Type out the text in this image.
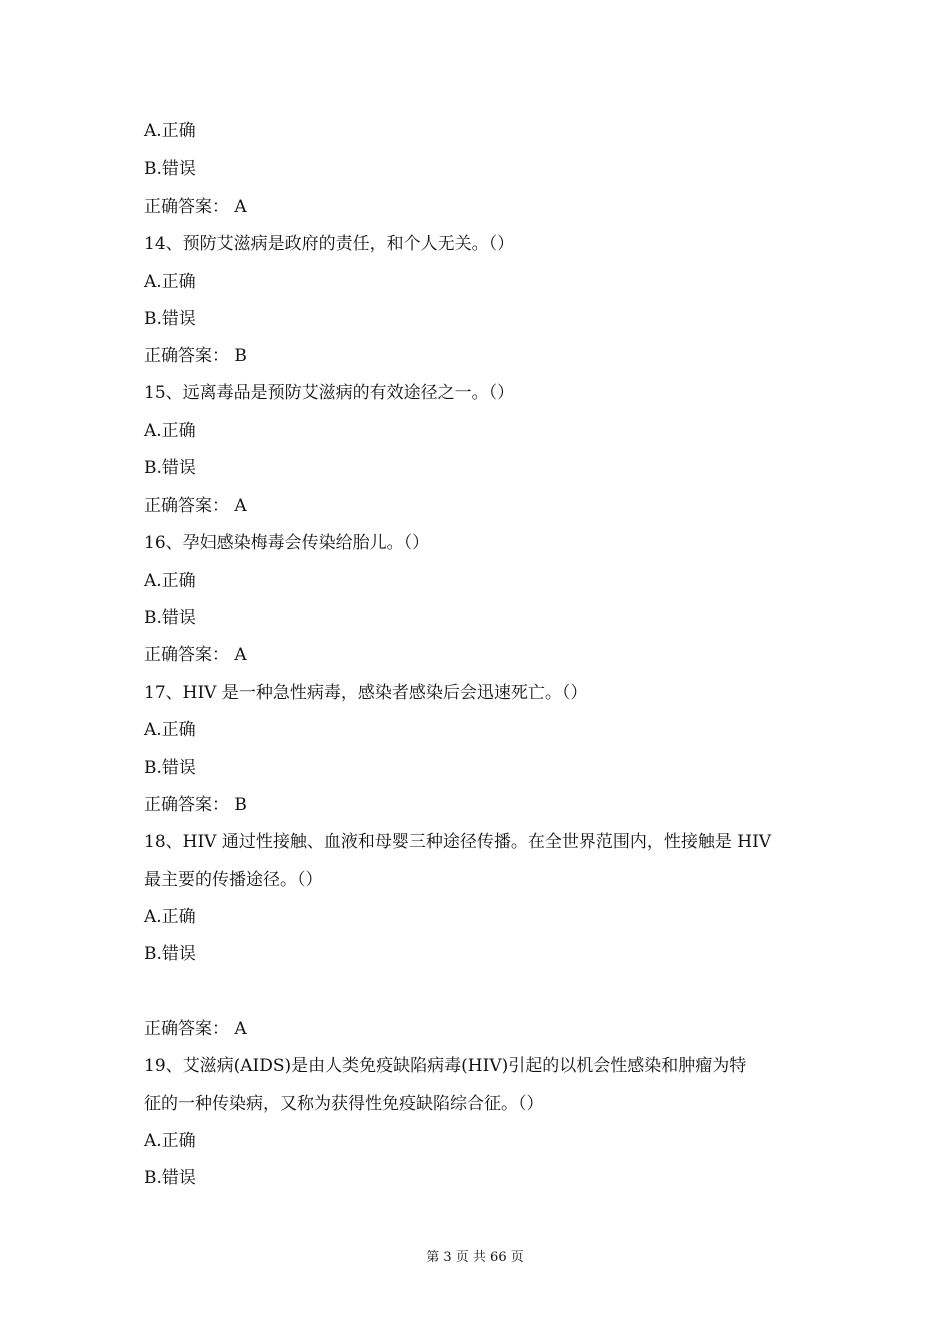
A.正确
B.错误
正确答案： A
14、预防艾滋病是政府的责任，和个人无关。（）
A.正确
B.错误
正确答案： B
15、远离毒品是预防艾滋病的有效途径之一。（）
A.正确
B.错误
正确答案： A
16、孕妇感染梅毒会传染给胎儿。（）
A.正确
B.错误
正确答案： A
17、HIV 是一种急性病毒，感染者感染后会迅速死亡。（）
A.正确
B.错误
正确答案： B
18、HIV 通过性接触、血液和母婴三种途径传播。在全世界范围内，性接触是 HIV
最主要的传播途径。（）
A.正确
B.错误
正确答案： A
19、艾滋病(AIDS)是由人类免疫缺陷病毒(HIV)引起的以机会性感染和肿瘤为特
征的一种传染病，又称为获得性免疫缺陷综合征。（）
A.正确
B.错误
第 3 页 共 66 页
